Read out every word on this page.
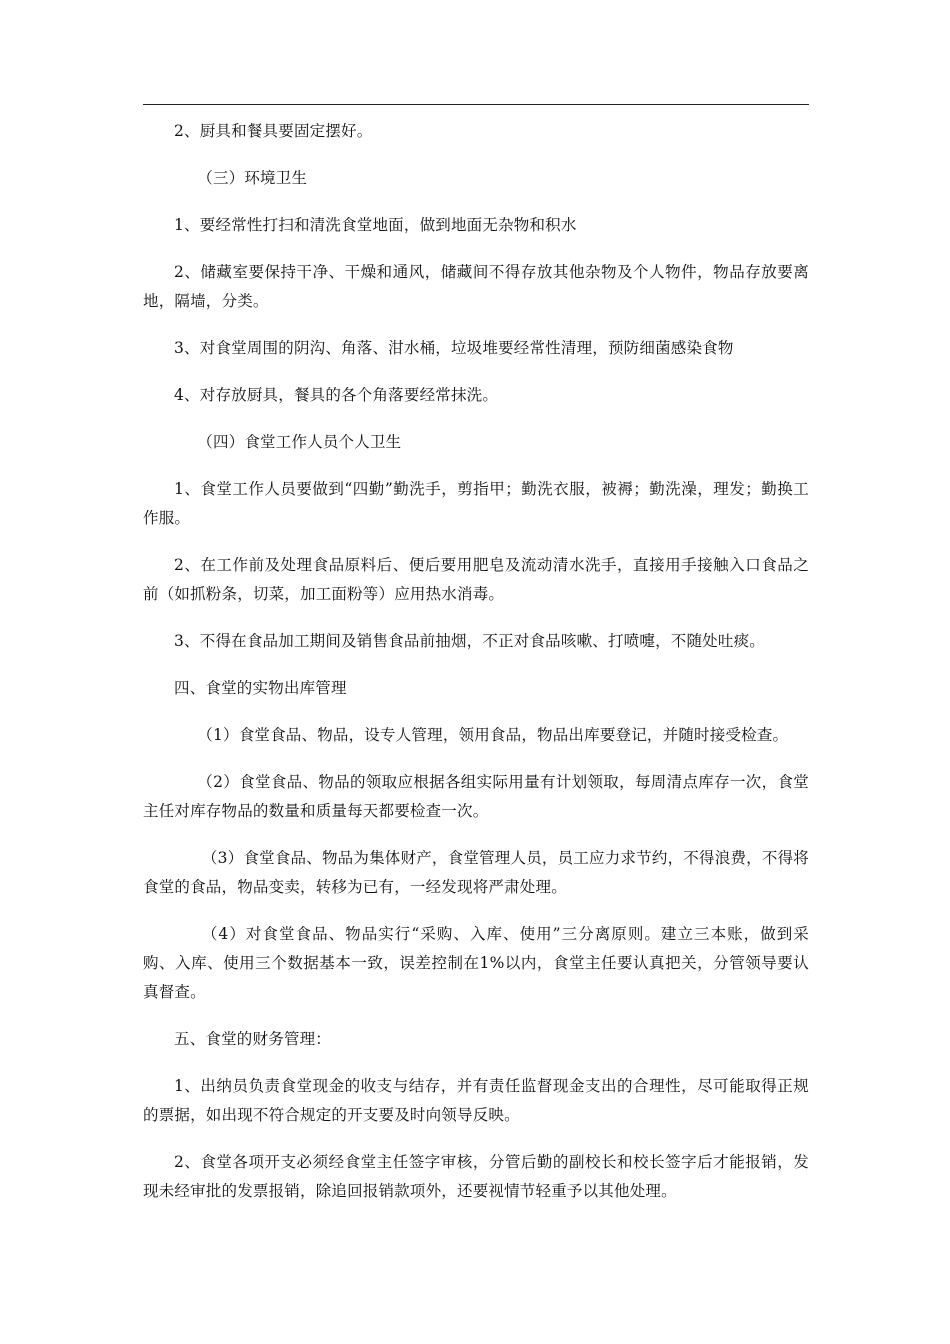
2、厨具和餐具要固定摆好。

（三）环境卫生

1、要经常性打扫和清洗食堂地面，做到地面无杂物和积水

2、储藏室要保持干净、干燥和通风，储藏间不得存放其他杂物及个人物件，物品存放要离地，隔墙，分类。

3、对食堂周围的阴沟、角落、泔水桶，垃圾堆要经常性清理，预防细菌感染食物

4、对存放厨具，餐具的各个角落要经常抹洗。

（四）食堂工作人员个人卫生

1、食堂工作人员要做到“四勤”勤洗手，剪指甲；勤洗衣服，被褥；勤洗澡，理发；勤换工作服。

2、在工作前及处理食品原料后、便后要用肥皂及流动清水洗手，直接用手接触入口食品之前（如抓粉条，切菜，加工面粉等）应用热水消毒。

3、不得在食品加工期间及销售食品前抽烟，不正对食品咳嗽、打喷嚏，不随处吐痰。

四、食堂的实物出库管理

（1）食堂食品、物品，设专人管理，领用食品，物品出库要登记，并随时接受检查。

（2）食堂食品、物品的领取应根据各组实际用量有计划领取，每周清点库存一次，食堂主任对库存物品的数量和质量每天都要检查一次。

（3）食堂食品、物品为集体财产，食堂管理人员，员工应力求节约，不得浪费，不得将食堂的食品，物品变卖，转移为已有，一经发现将严肃处理。

（4）对食堂食品、物品实行“采购、入库、使用”三分离原则。建立三本账，做到采购、入库、使用三个数据基本一致，误差控制在1%以内，食堂主任要认真把关，分管领导要认真督查。

五、食堂的财务管理：

1、出纳员负责食堂现金的收支与结存，并有责任监督现金支出的合理性，尽可能取得正规的票据，如出现不符合规定的开支要及时向领导反映。

2、食堂各项开支必须经食堂主任签字审核，分管后勤的副校长和校长签字后才能报销，发现未经审批的发票报销，除追回报销款项外，还要视情节轻重予以其他处理。
